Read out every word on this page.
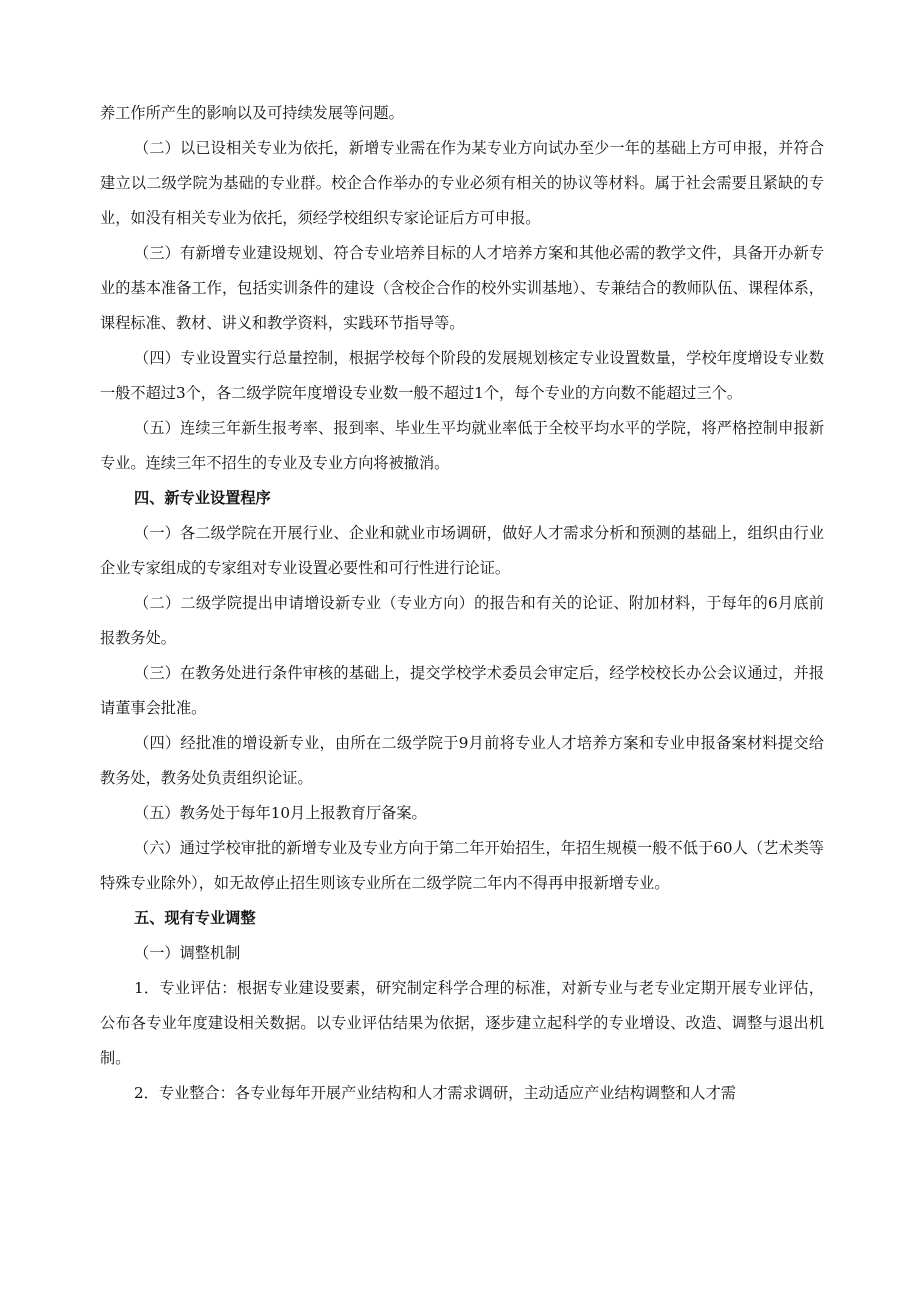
养工作所产生的影响以及可持续发展等问题。

（二）以已设相关专业为依托，新增专业需在作为某专业方向试办至少一年的基础上方可申报，并符合建立以二级学院为基础的专业群。校企合作举办的专业必须有相关的协议等材料。属于社会需要且紧缺的专业，如没有相关专业为依托，须经学校组织专家论证后方可申报。

（三）有新增专业建设规划、符合专业培养目标的人才培养方案和其他必需的教学文件，具备开办新专业的基本准备工作，包括实训条件的建设（含校企合作的校外实训基地）、专兼结合的教师队伍、课程体系，课程标准、教材、讲义和教学资料，实践环节指导等。

（四）专业设置实行总量控制，根据学校每个阶段的发展规划核定专业设置数量，学校年度增设专业数一般不超过3个，各二级学院年度增设专业数一般不超过1个，每个专业的方向数不能超过三个。

（五）连续三年新生报考率、报到率、毕业生平均就业率低于全校平均水平的学院，将严格控制申报新专业。连续三年不招生的专业及专业方向将被撤消。

四、新专业设置程序

（一）各二级学院在开展行业、企业和就业市场调研，做好人才需求分析和预测的基础上，组织由行业企业专家组成的专家组对专业设置必要性和可行性进行论证。

（二）二级学院提出申请增设新专业（专业方向）的报告和有关的论证、附加材料，于每年的6月底前报教务处。

（三）在教务处进行条件审核的基础上，提交学校学术委员会审定后，经学校校长办公会议通过，并报请董事会批准。

（四）经批准的增设新专业，由所在二级学院于9月前将专业人才培养方案和专业申报备案材料提交给教务处，教务处负责组织论证。

（五）教务处于每年10月上报教育厅备案。

（六）通过学校审批的新增专业及专业方向于第二年开始招生，年招生规模一般不低于60人（艺术类等特殊专业除外），如无故停止招生则该专业所在二级学院二年内不得再申报新增专业。

五、现有专业调整

（一）调整机制

1．专业评估：根据专业建设要素，研究制定科学合理的标准，对新专业与老专业定期开展专业评估，公布各专业年度建设相关数据。以专业评估结果为依据，逐步建立起科学的专业增设、改造、调整与退出机制。

2．专业整合：各专业每年开展产业结构和人才需求调研，主动适应产业结构调整和人才需
